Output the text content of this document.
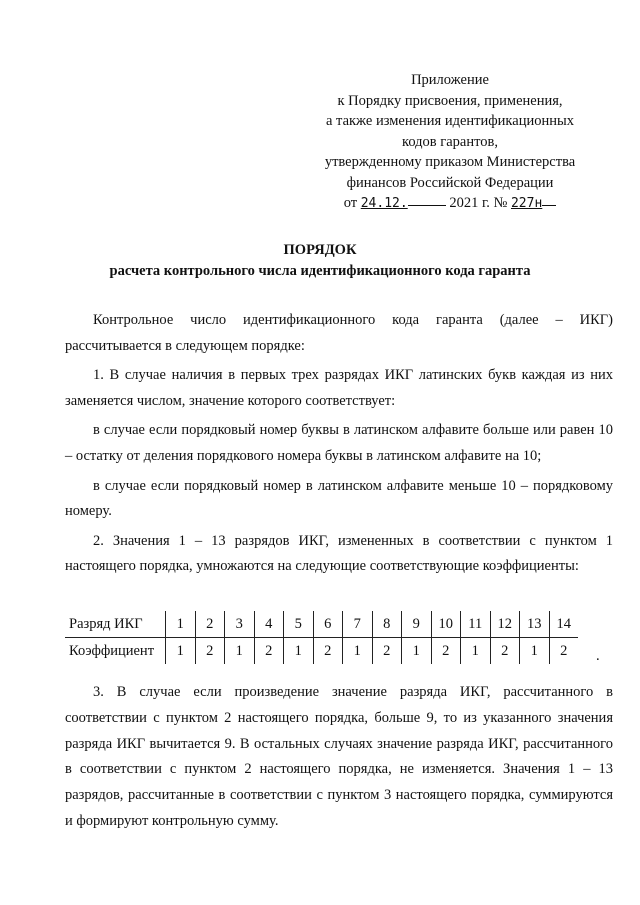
Приложение
к Порядку присвоения, применения,
а также изменения идентификационных
кодов гарантов,
утвержденному приказом Министерства
финансов Российской Федерации
от 24.12.	2021 г. № 227н
ПОРЯДОК
расчета контрольного числа идентификационного кода гаранта

Контрольное число идентификационного кода гаранта (далее – ИКГ) рассчитывается в следующем порядке:

1. В случае наличия в первых трех разрядах ИКГ латинских букв каждая из них заменяется числом, значение которого соответствует:

в случае если порядковый номер буквы в латинском алфавите больше или равен 10 – остатку от деления порядкового номера буквы в латинском алфавите на 10;

в случае если порядковый номер в латинском алфавите меньше 10 – порядковому номеру.

2. Значения 1 – 13 разрядов ИКГ, измененных в соответствии с пунктом 1 настоящего порядка, умножаются на следующие соответствующие коэффициенты:

Разряд ИКГ	1	2	3	4	5	6	7	8	9	10	11	12	13	14
Коэффициент	1	2	1	2	1	2	1	2	1	2	1	2	1	2 .

3. В случае если произведение значение разряда ИКГ, рассчитанного в соответствии с пунктом 2 настоящего порядка, больше 9, то из указанного значения разряда ИКГ вычитается 9. В остальных случаях значение разряда ИКГ, рассчитанного в соответствии с пунктом 2 настоящего порядка, не изменяется. Значения 1 – 13 разрядов, рассчитанные в соответствии с пунктом 3 настоящего порядка, суммируются и формируют контрольную сумму.
